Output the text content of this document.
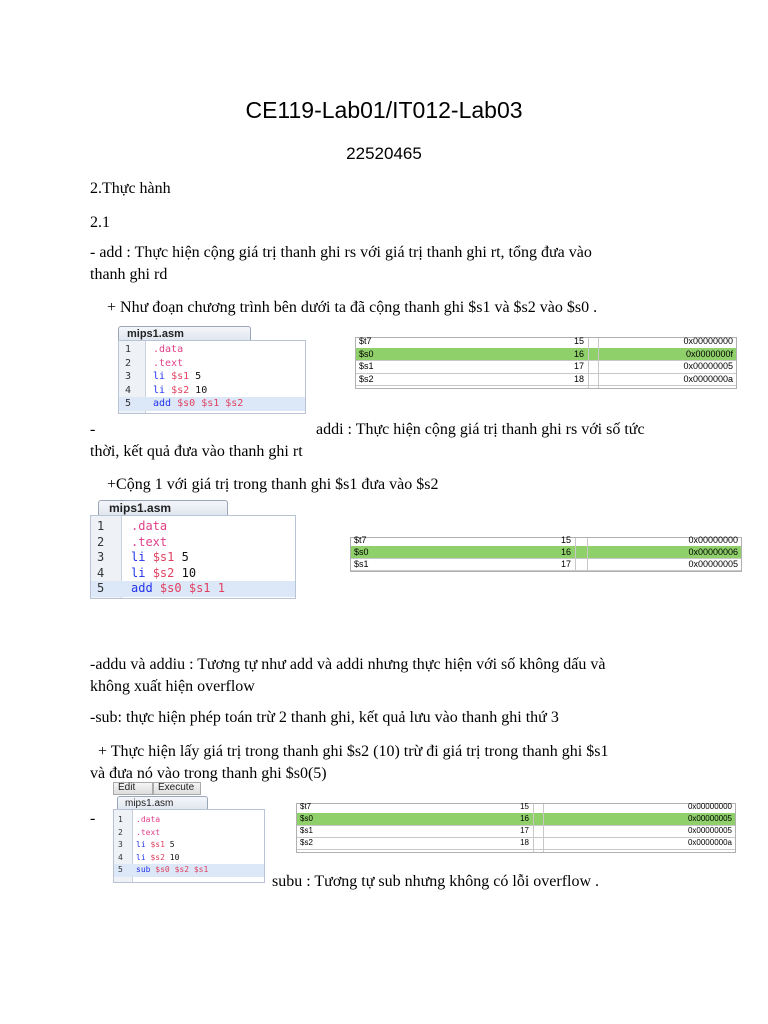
CE119-Lab01/IT012-Lab03
22520465
2.Thực hành
2.1
- add : Thực hiện cộng giá trị thanh ghi rs với giá trị thanh ghi rt, tổng đưa vào
thanh ghi rd
+ Như đoạn chương trình bên dưới ta đã cộng thanh ghi $s1 và $s2 vào $s0 .
mips1.asm
1 .data
2 .text
3 li $s1 5
4 li $s2 10
5 add $s0 $s1 $s2
$t7	15	0x00000000
$s0	16	0x0000000f
$s1	17	0x00000005
$s2	18	0x0000000a
-	addi : Thực hiện cộng giá trị thanh ghi rs với số tức
thời, kết quả đưa vào thanh ghi rt
+Cộng 1 với giá trị trong thanh ghi $s1 đưa vào $s2
mips1.asm
1 .data
2 .text
3 li $s1 5
4 li $s2 10
5 add $s0 $s1 1
$t7	15	0x00000000
$s0	16	0x00000006
$s1	17	0x00000005
-addu và addiu : Tương tự như add và addi nhưng thực hiện với số không dấu và
không xuất hiện overflow
-sub: thực hiện phép toán trừ 2 thanh ghi, kết quả lưu vào thanh ghi thứ 3
+ Thực hiện lấy giá trị trong thanh ghi $s2 (10) trừ đi giá trị trong thanh ghi $s1
và đưa nó vào trong thanh ghi $s0(5)
Edit	Execute
mips1.asm
1 .data
2 .text
3 li $s1 5
4 li $s2 10
5 sub $s0 $s2 $s1
$t7	15	0x00000000
$s0	16	0x00000005
$s1	17	0x00000005
$s2	18	0x0000000a
-
subu : Tương tự sub nhưng không có lỗi overflow .
